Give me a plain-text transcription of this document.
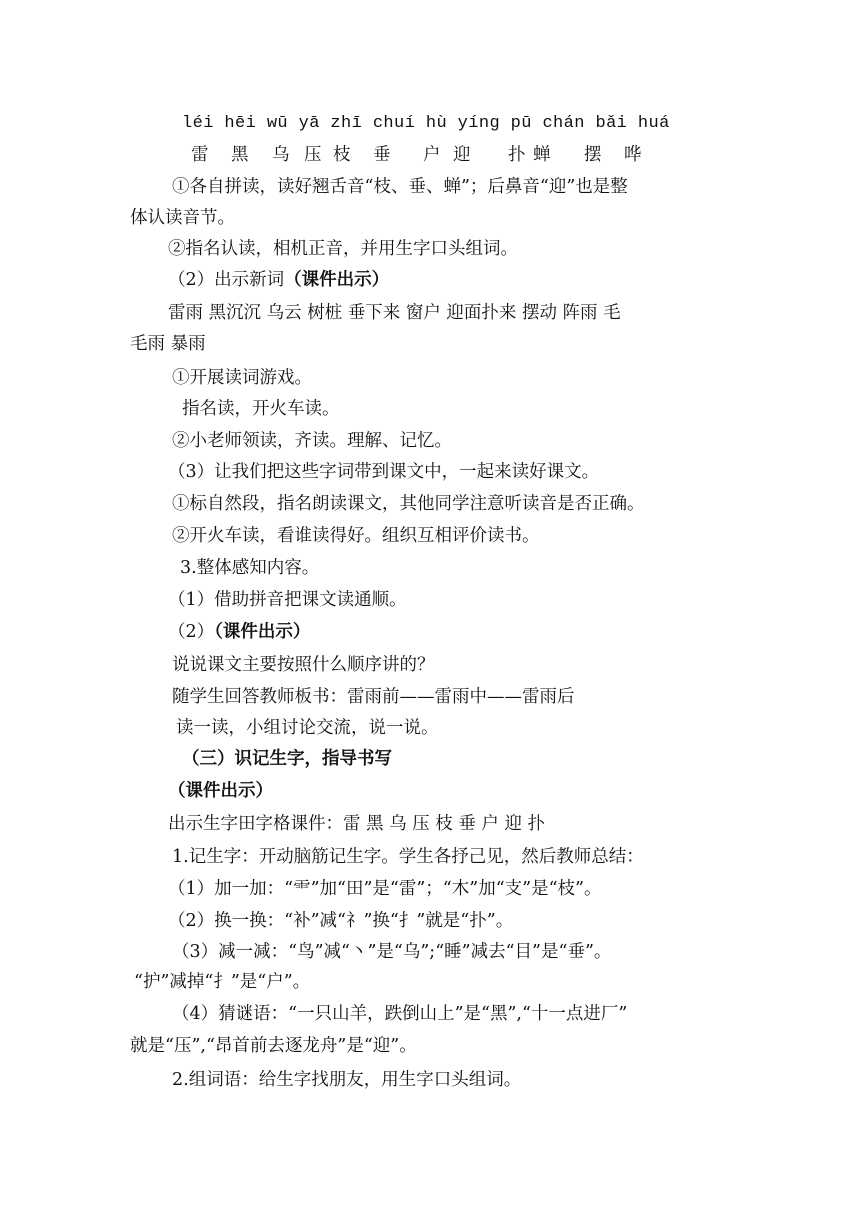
léi hēi wū yā zhī chuí hù yíng pū chán bǎi huá
雷 黑 乌 压 枝 垂 户 迎 扑 蝉 摆 哗
①各自拼读，读好翘舌音“枝、垂、蝉”；后鼻音“迎”也是整
体认读音节。
②指名认读，相机正音，并用生字口头组词。
（2）出示新词（课件出示）
雷雨 黑沉沉 乌云 树桩 垂下来 窗户 迎面扑来 摆动 阵雨 毛
毛雨 暴雨
①开展读词游戏。
指名读，开火车读。
②小老师领读，齐读。理解、记忆。
（3）让我们把这些字词带到课文中，一起来读好课文。
①标自然段，指名朗读课文，其他同学注意听读音是否正确。
②开火车读，看谁读得好。组织互相评价读书。
3.整体感知内容。
（1）借助拼音把课文读通顺。
（2）（课件出示）
说说课文主要按照什么顺序讲的？
随学生回答教师板书：雷雨前——雷雨中——雷雨后
读一读，小组讨论交流，说一说。
（三）识记生字，指导书写
（课件出示）
出示生字田字格课件：雷 黑 乌 压 枝 垂 户 迎 扑
1.记生字：开动脑筋记生字。学生各抒己见，然后教师总结：
（1）加一加：“⻗”加“田”是“雷”；“木”加“支”是“枝”。
（2）换一换：“补”减“礻”换“扌”就是“扑”。
（3）减一减：“鸟”减“丶”是“乌”;“睡”减去“目”是“垂”。
“护”减掉“扌”是“户”。
（4）猜谜语：“一只山羊，跌倒山上”是“黑”,“十一点进厂”
就是“压”,“昂首前去逐龙舟”是“迎”。
2.组词语：给生字找朋友，用生字口头组词。
